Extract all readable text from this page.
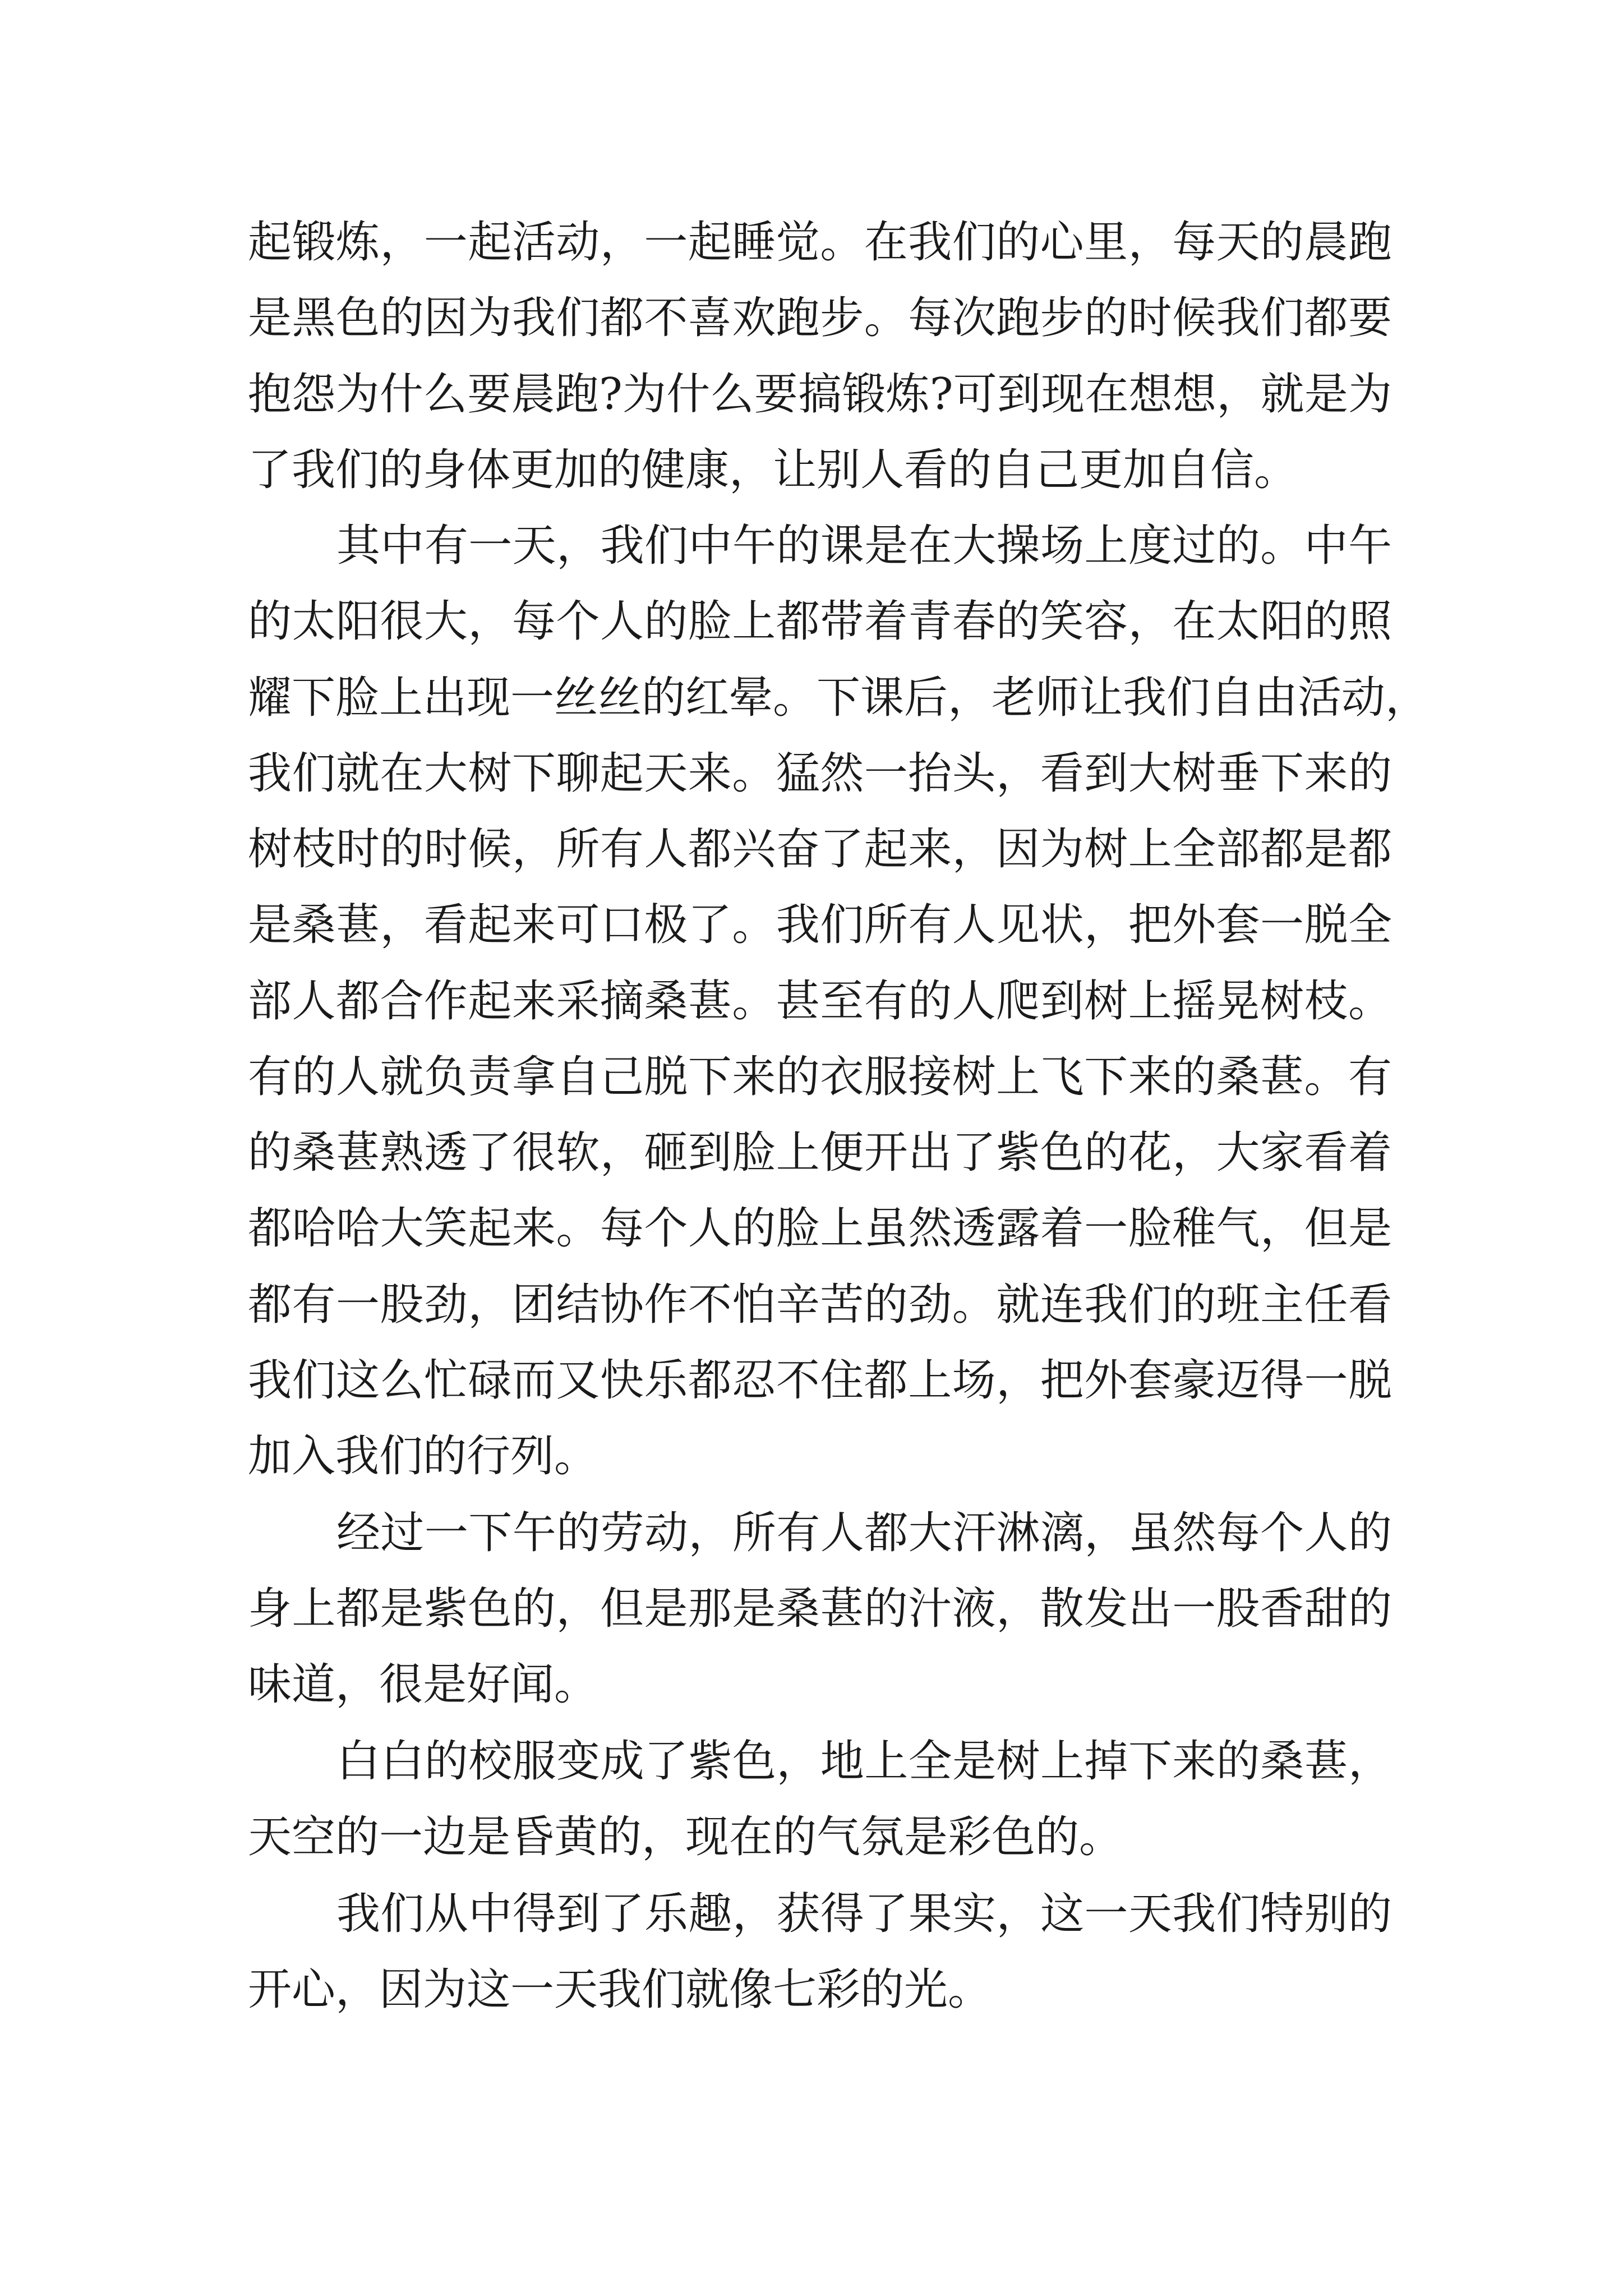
起锻炼，一起活动，一起睡觉。在我们的心里，每天的晨跑

是黑色的因为我们都不喜欢跑步。每次跑步的时候我们都要

抱怨为什么要晨跑?为什么要搞锻炼?可到现在想想，就是为

了我们的身体更加的健康，让别人看的自己更加自信。

其中有一天，我们中午的课是在大操场上度过的。中午

的太阳很大，每个人的脸上都带着青春的笑容，在太阳的照

耀下脸上出现一丝丝的红晕。下课后，老师让我们自由活动，

我们就在大树下聊起天来。猛然一抬头，看到大树垂下来的

树枝时的时候，所有人都兴奋了起来，因为树上全部都是都

是桑葚，看起来可口极了。我们所有人见状，把外套一脱全

部人都合作起来采摘桑葚。甚至有的人爬到树上摇晃树枝。

有的人就负责拿自己脱下来的衣服接树上飞下来的桑葚。有

的桑葚熟透了很软，砸到脸上便开出了紫色的花，大家看着

都哈哈大笑起来。每个人的脸上虽然透露着一脸稚气，但是

都有一股劲，团结协作不怕辛苦的劲。就连我们的班主任看

我们这么忙碌而又快乐都忍不住都上场，把外套豪迈得一脱

加入我们的行列。

经过一下午的劳动，所有人都大汗淋漓，虽然每个人的

身上都是紫色的，但是那是桑葚的汁液，散发出一股香甜的

味道，很是好闻。

白白的校服变成了紫色，地上全是树上掉下来的桑葚，

天空的一边是昏黄的，现在的气氛是彩色的。

我们从中得到了乐趣，获得了果实，这一天我们特别的

开心，因为这一天我们就像七彩的光。
